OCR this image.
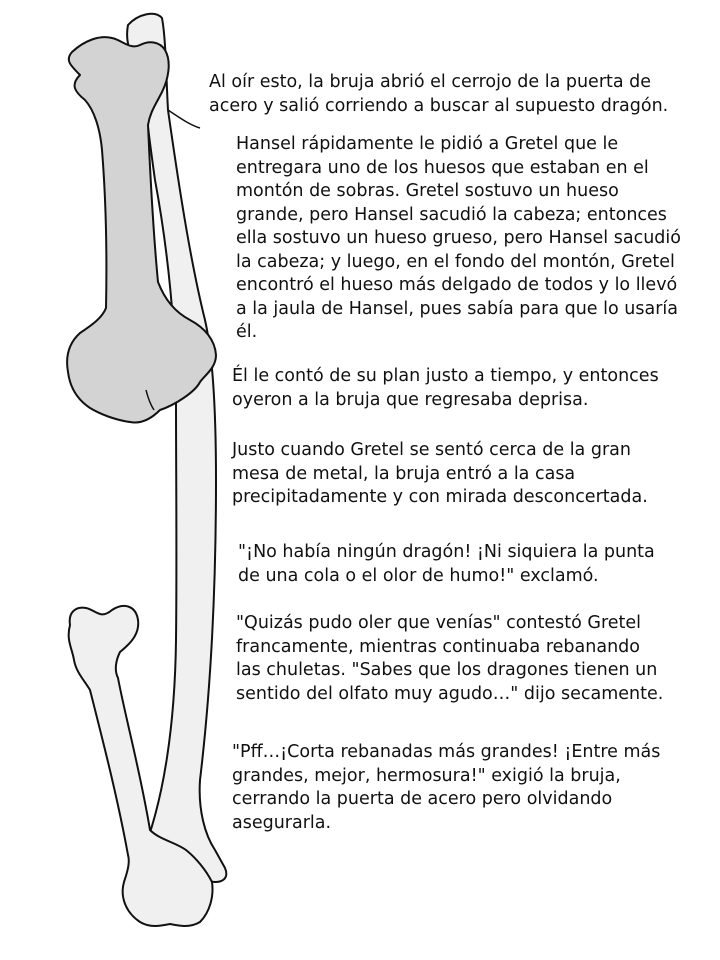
Al oír esto, la bruja abrió el cerrojo de la puerta de
acero y salió corriendo a buscar al supuesto dragón.
Hansel rápidamente le pidió a Gretel que le
entregara uno de los huesos que estaban en el
montón de sobras. Gretel sostuvo un hueso
grande, pero Hansel sacudió la cabeza; entonces
ella sostuvo un hueso grueso, pero Hansel sacudió
la cabeza; y luego, en el fondo del montón, Gretel
encontró el hueso más delgado de todos y lo llevó
a la jaula de Hansel, pues sabía para que lo usaría
él.
Él le contó de su plan justo a tiempo, y entonces
oyeron a la bruja que regresaba deprisa.
Justo cuando Gretel se sentó cerca de la gran
mesa de metal, la bruja entró a la casa
precipitadamente y con mirada desconcertada.
"¡No había ningún dragón! ¡Ni siquiera la punta
de una cola o el olor de humo!" exclamó.
"Quizás pudo oler que venías" contestó Gretel
francamente, mientras continuaba rebanando
las chuletas. "Sabes que los dragones tienen un
sentido del olfato muy agudo…" dijo secamente.
"Pff…¡Corta rebanadas más grandes! ¡Entre más
grandes, mejor, hermosura!" exigió la bruja,
cerrando la puerta de acero pero olvidando
asegurarla.
